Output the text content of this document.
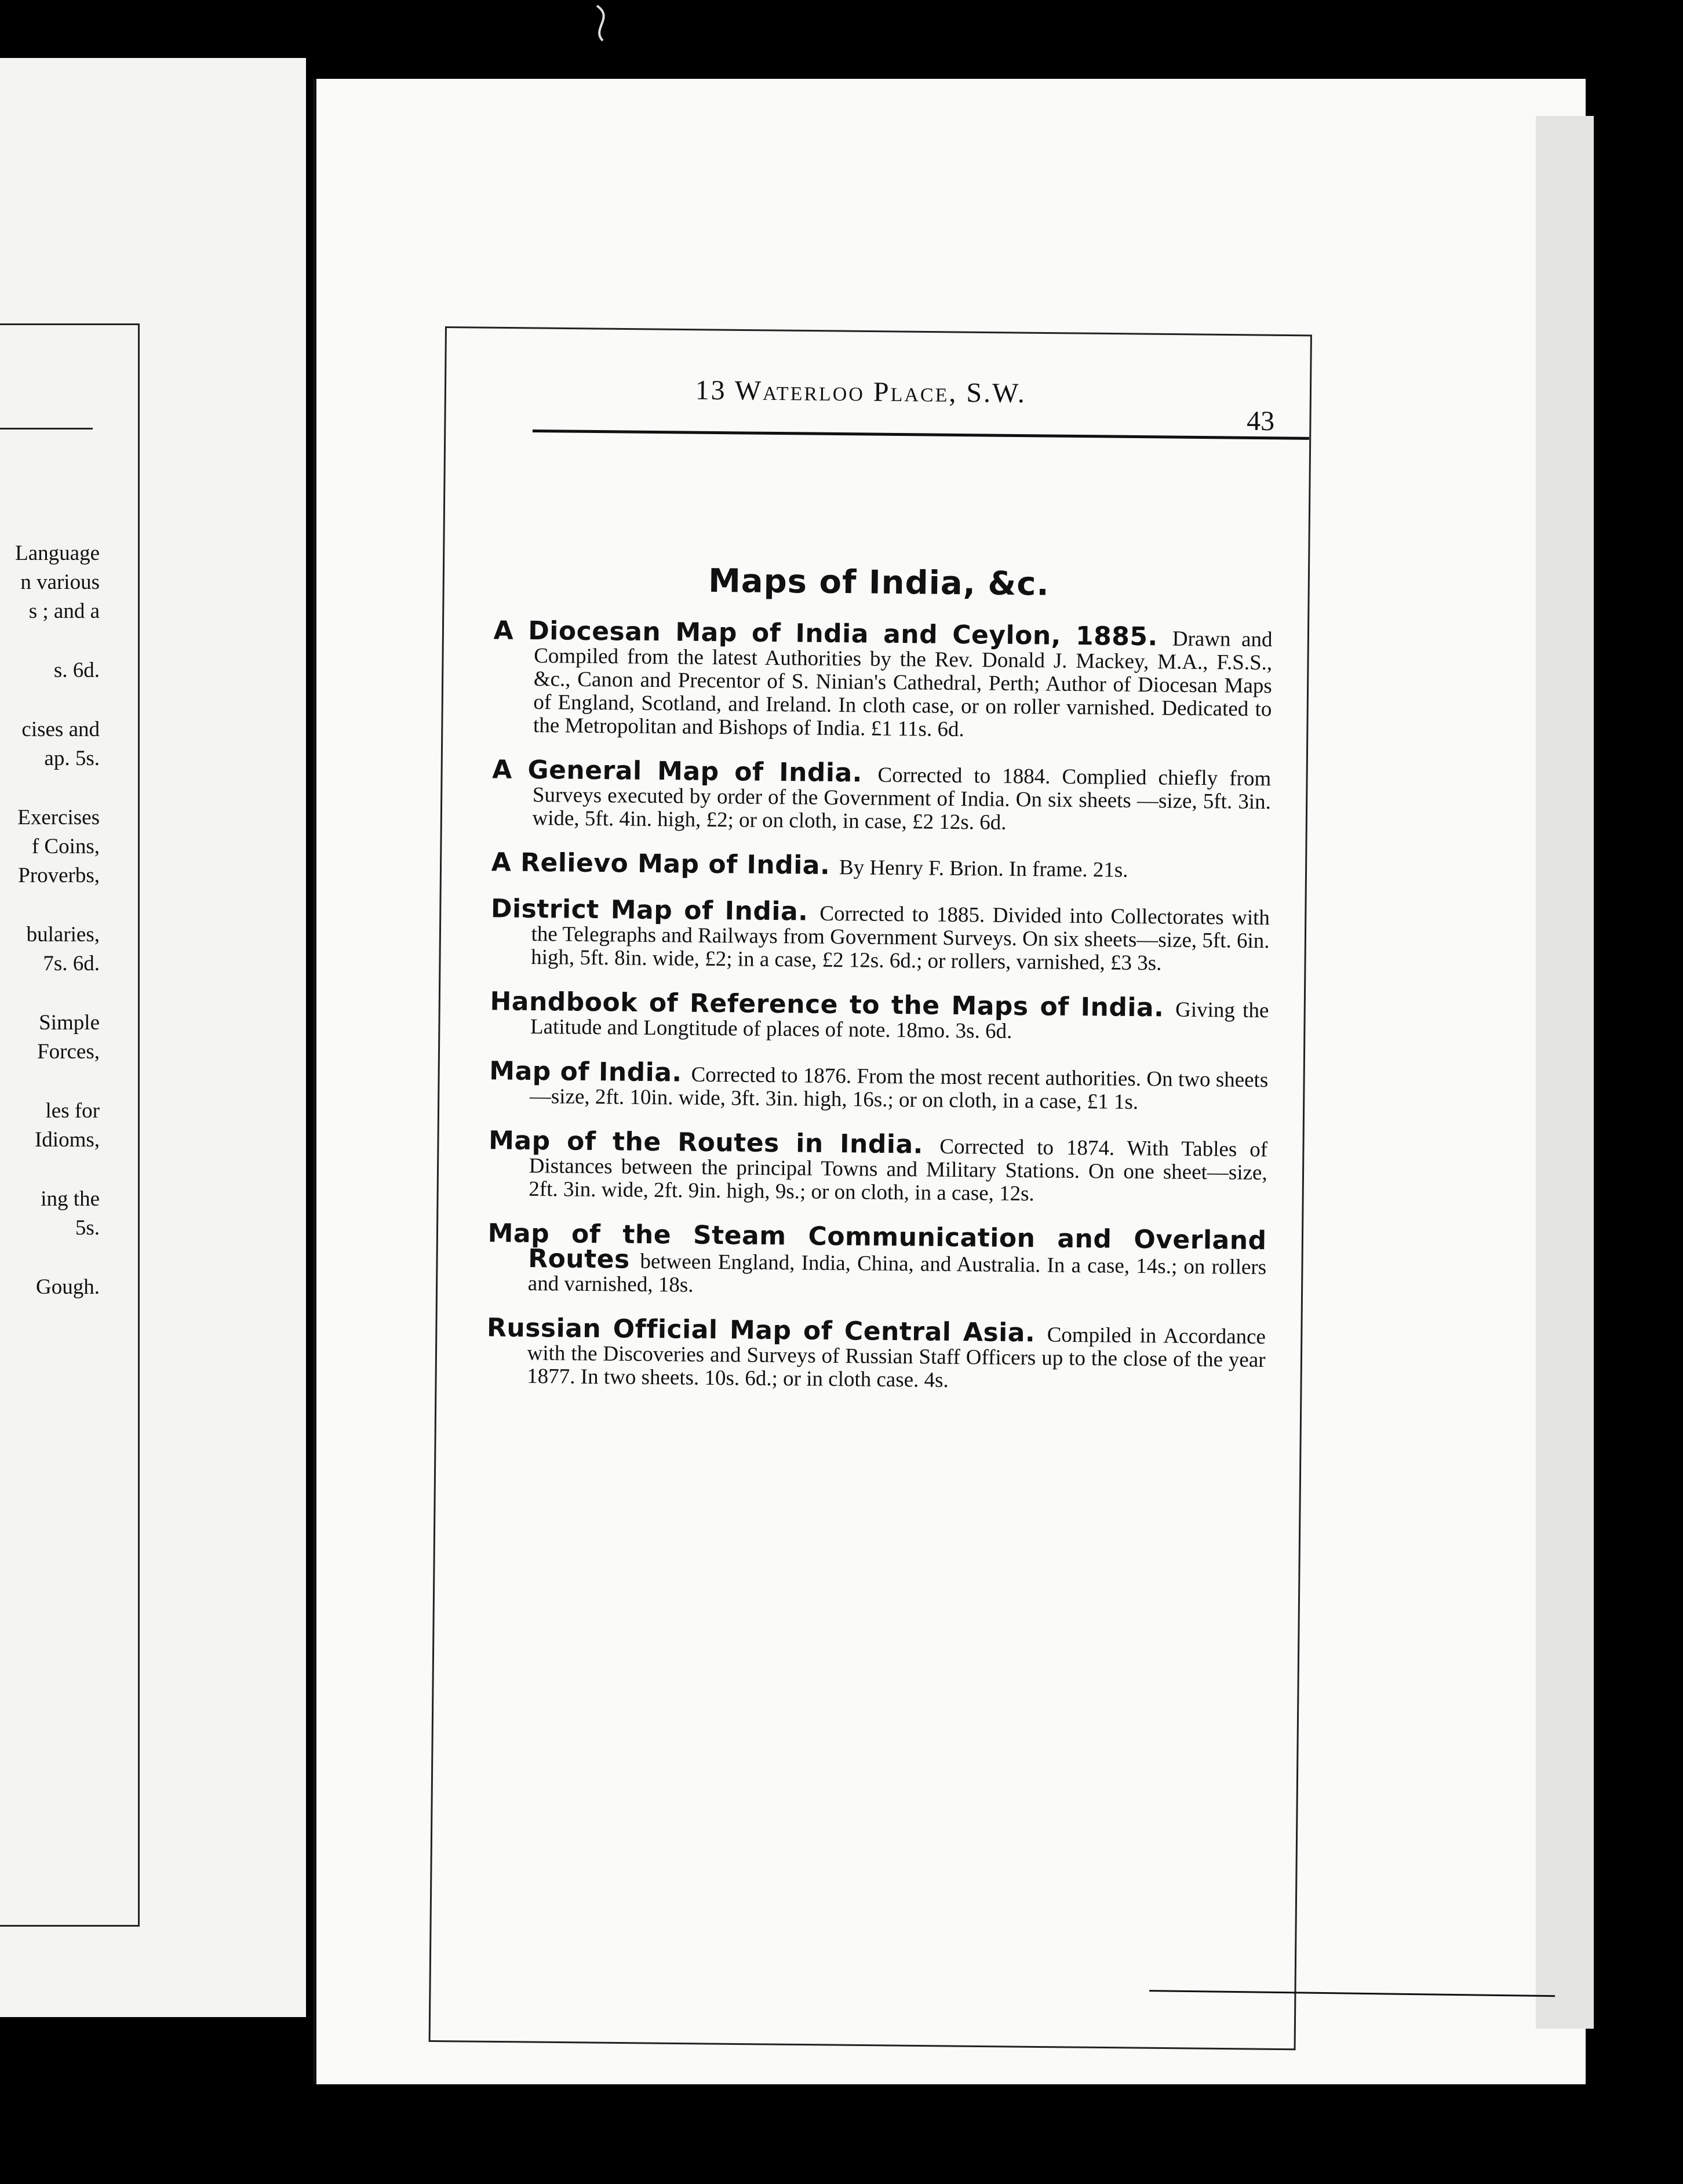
Language
n various
s ; and a
s. 6d.
cises and
ap. 5s.
Exercises
f Coins,
Proverbs,
bularies,
7s. 6d.
Simple
Forces,
les for
Idioms,
ing the
5s.
Gough.
13 Waterloo Place, S.W.
43
Maps of India, &c.

A Diocesan Map of India and Ceylon, 1885. Drawn and Compiled from the latest Authorities by the Rev. Donald J. Mackey, M.A., F.S.S., &c., Canon and Precentor of S. Ninian's Cathedral, Perth; Author of Diocesan Maps of England, Scotland, and Ireland. In cloth case, or on roller varnished. Dedicated to the Metropolitan and Bishops of India. £1 11s. 6d.

A General Map of India. Corrected to 1884. Complied chiefly from Surveys executed by order of the Government of India. On six sheets —size, 5ft. 3in. wide, 5ft. 4in. high, £2; or on cloth, in case, £2 12s. 6d.

A Relievo Map of India. By Henry F. Brion. In frame. 21s.

District Map of India. Corrected to 1885. Divided into Collectorates with the Telegraphs and Railways from Government Surveys. On six sheets—size, 5ft. 6in. high, 5ft. 8in. wide, £2; in a case, £2 12s. 6d.; or rollers, varnished, £3 3s.

Handbook of Reference to the Maps of India. Giving the Latitude and Longtitude of places of note. 18mo. 3s. 6d.

Map of India. Corrected to 1876. From the most recent authorities. On two sheets—size, 2ft. 10in. wide, 3ft. 3in. high, 16s.; or on cloth, in a case, £1 1s.

Map of the Routes in India. Corrected to 1874. With Tables of Distances between the principal Towns and Military Stations. On one sheet—size, 2ft. 3in. wide, 2ft. 9in. high, 9s.; or on cloth, in a case, 12s.

Map of the Steam Communication and Overland Routes between England, India, China, and Australia. In a case, 14s.; on rollers and varnished, 18s.

Russian Official Map of Central Asia. Compiled in Accordance with the Discoveries and Surveys of Russian Staff Officers up to the close of the year 1877. In two sheets. 10s. 6d.; or in cloth case. 4s.
